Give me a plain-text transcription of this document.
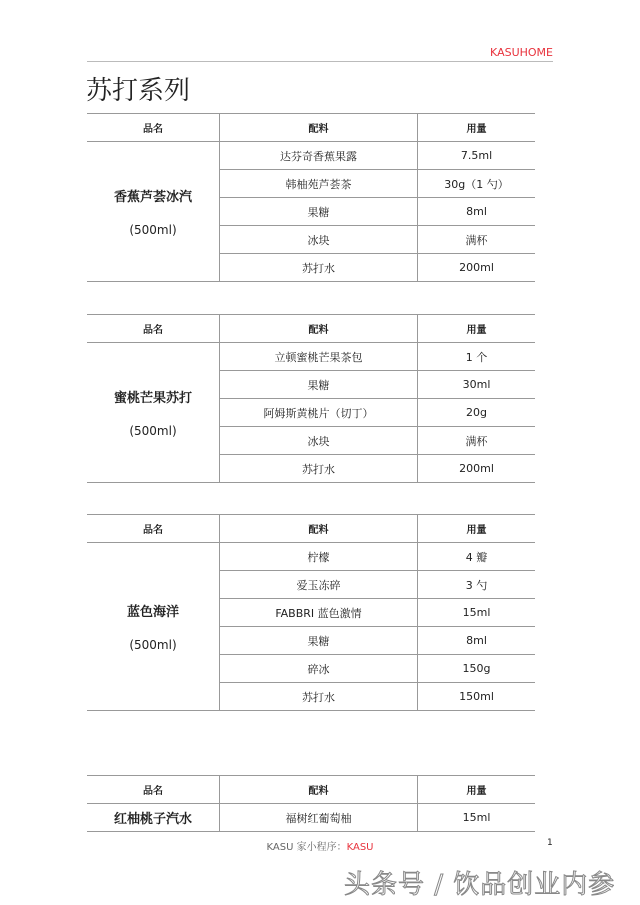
KASUHOME
苏打系列
品名	配料	用量

香蕉芦荟冰汽
(500ml)	达芬奇香蕉果露	7.5ml
	韩柚苑芦荟茶	30g（1 勺）
	果糖	8ml
	冰块	满杯
	苏打水	200ml
品名	配料	用量

蜜桃芒果苏打
(500ml)	立顿蜜桃芒果茶包	1 个
	果糖	30ml
	阿姆斯黄桃片（切丁）	20g
	冰块	满杯
	苏打水	200ml
品名	配料	用量

蓝色海洋
(500ml)	柠檬	4 瓣
	爱玉冻碎	3 勺
	FABBRI 蓝色激情	15ml
	果糖	8ml
	碎冰	150g
	苏打水	150ml
品名	配料	用量

红柚桃子汽水	福树红葡萄柚	15ml
KASU 家小程序：KASU	1
头条号 / 饮品创业内参
